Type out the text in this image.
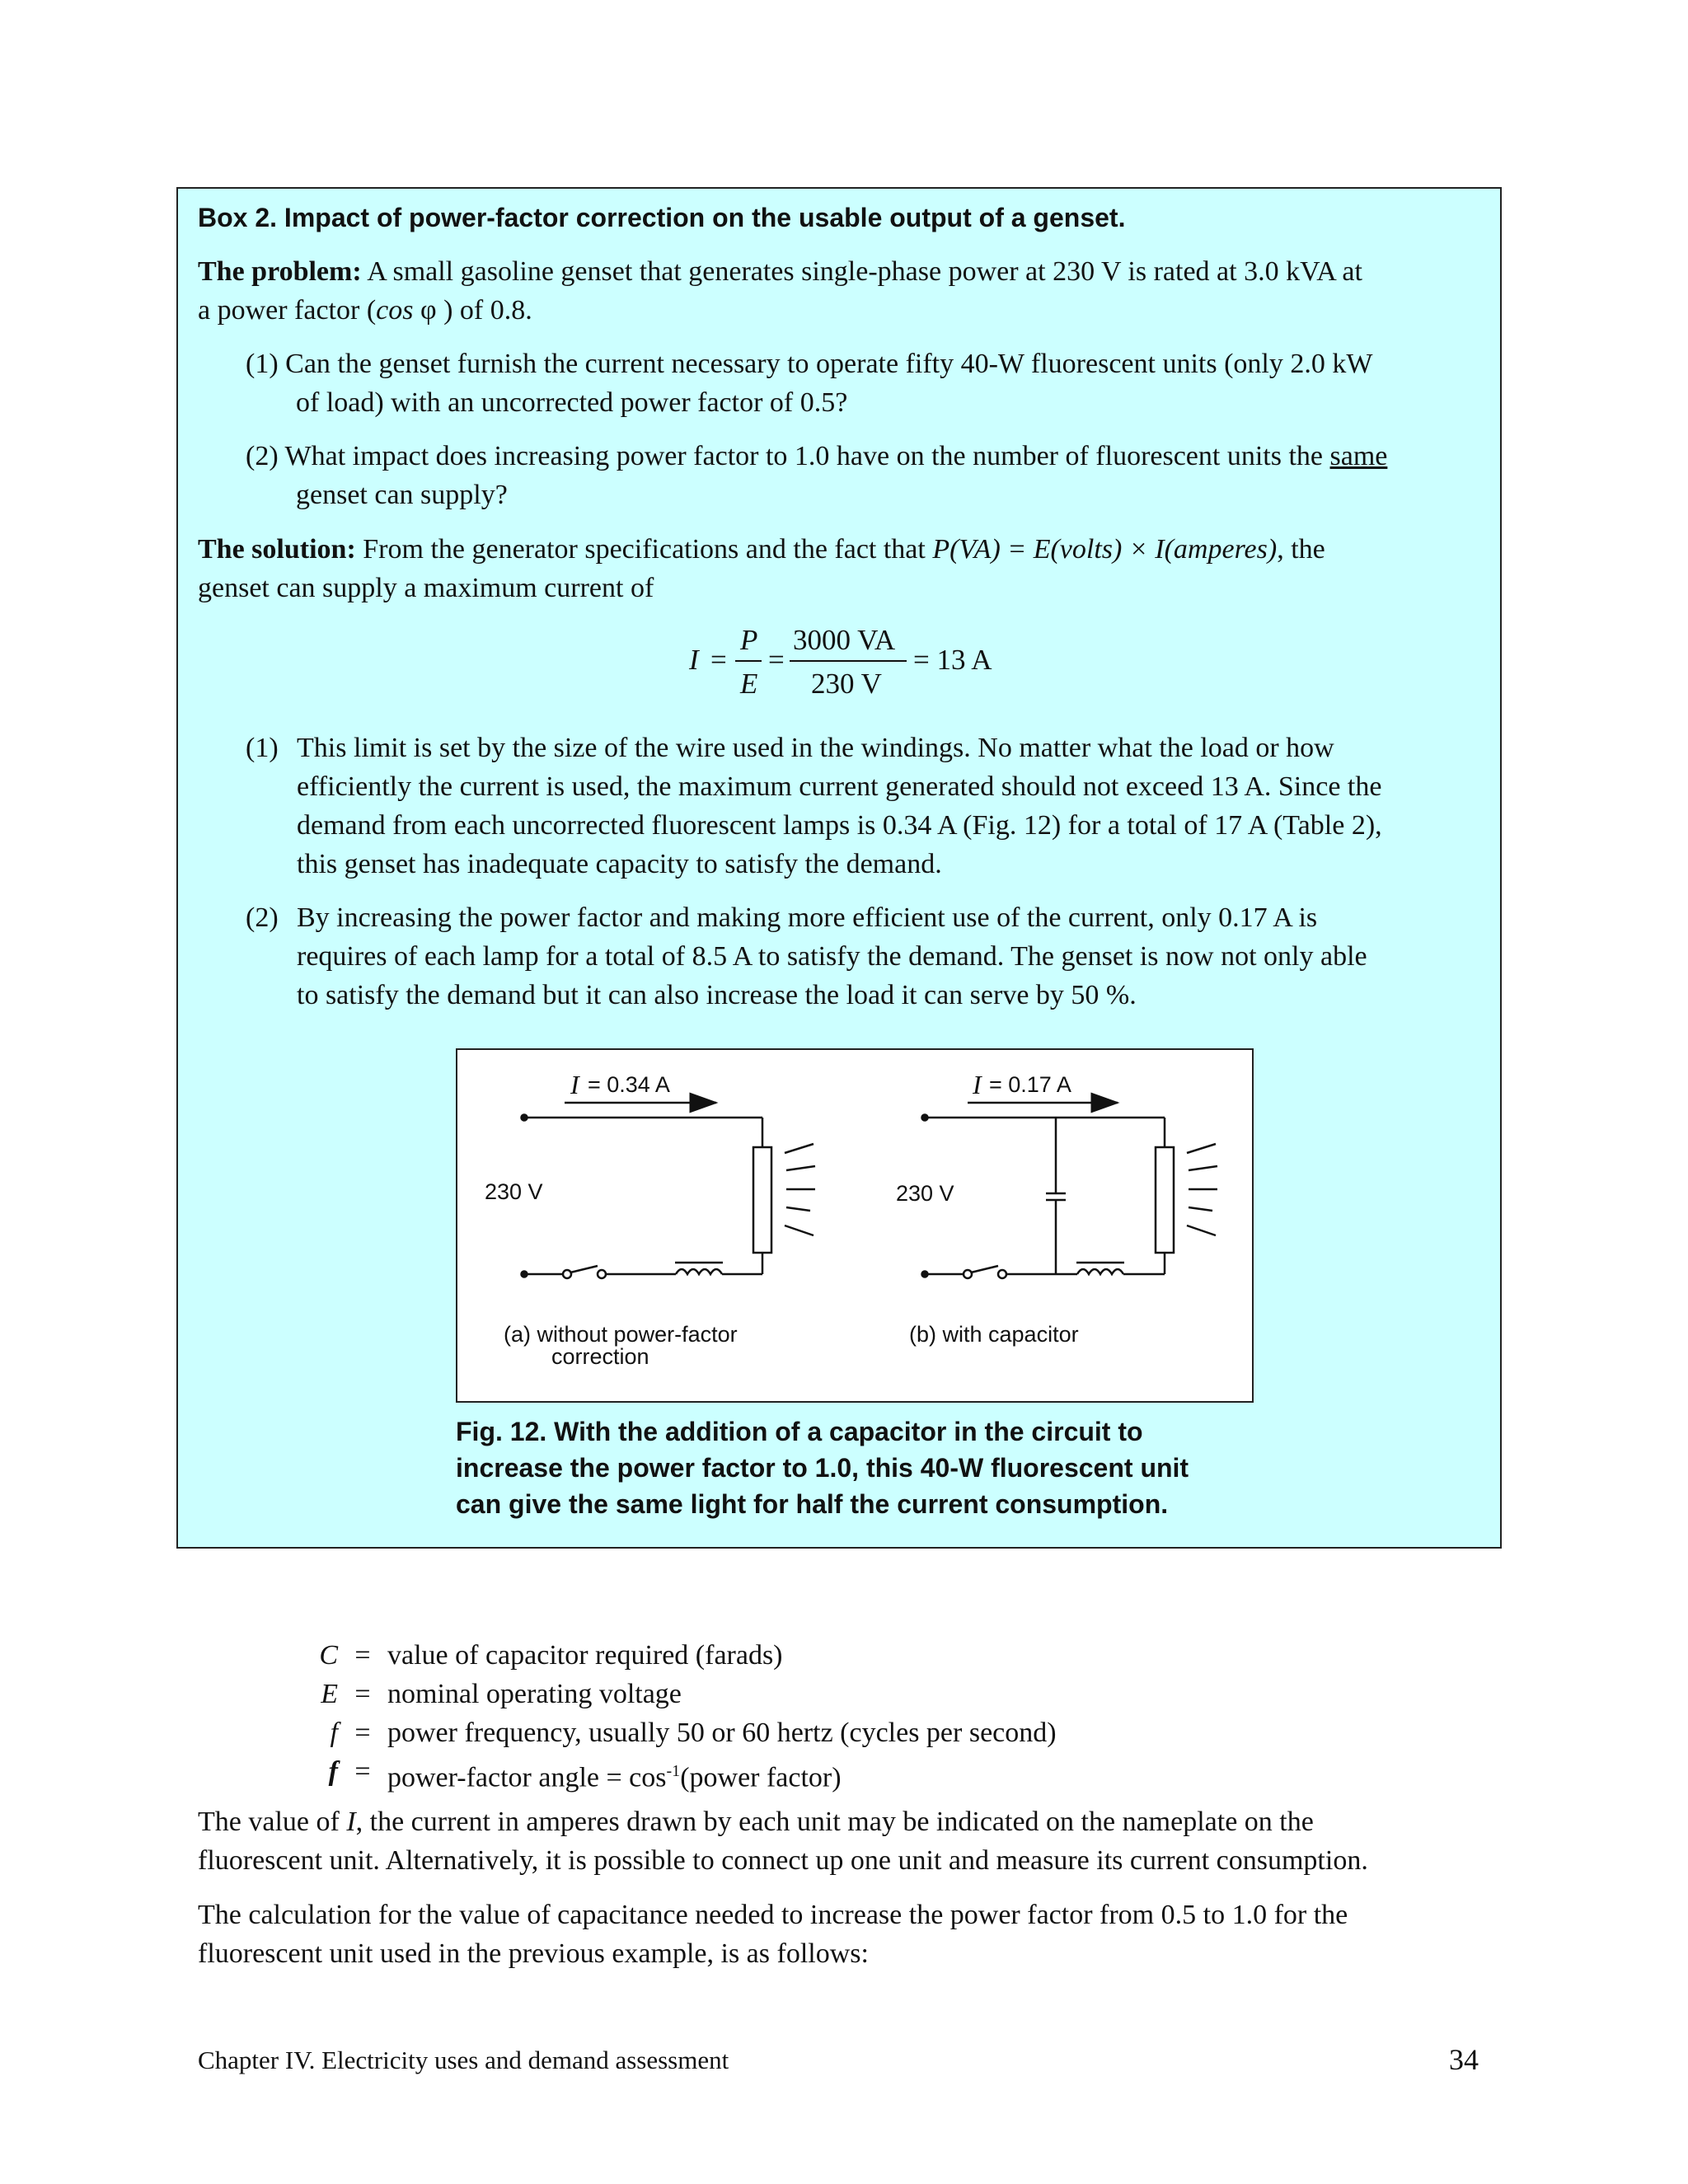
Box 2. Impact of power-factor correction on the usable output of a genset.

The problem: A small gasoline genset that generates single-phase power at 230 V is rated at 3.0 kVA at
a power factor (cos φ ) of 0.8.

(1) Can the genset furnish the current necessary to operate fifty 40-W fluorescent units (only 2.0 kW
of load) with an uncorrected power factor of 0.5?

(2) What impact does increasing power factor to 1.0 have on the number of fluorescent units the same
genset can supply?

The solution: From the generator specifications and the fact that P(VA) = E(volts) × I(amperes), the
genset can supply a maximum current of

I =
P
E
=
3000 VA
230 V
= 13 A
(1) This limit is set by the size of the wire used in the windings. No matter what the load or how
efficiently the current is used, the maximum current generated should not exceed 13 A. Since the
demand from each uncorrected fluorescent lamps is 0.34 A (Fig. 12) for a total of 17 A (Table 2),
this genset has inadequate capacity to satisfy the demand.
(2) By increasing the power factor and making more efficient use of the current, only 0.17 A is
requires of each lamp for a total of 8.5 A to satisfy the demand. The genset is now not only able
to satisfy the demand but it can also increase the load it can serve by 50 %.
I = 0.34 A	I = 0.17 A
230 V	230 V
(a) without power-factor
correction
(b) with capacitor
Fig. 12. With the addition of a capacitor in the circuit to
increase the power factor to 1.0, this 40-W fluorescent unit
can give the same light for half the current consumption.
C = value of capacitor required (farads)
E = nominal operating voltage
f = power frequency, usually 50 or 60 hertz (cycles per second)
f = power-factor angle = $\cos^{-1}(power$ factor)

The value of I, the current in amperes drawn by each unit may be indicated on the nameplate on the
fluorescent unit. Alternatively, it is possible to connect up one unit and measure its current consumption.

The calculation for the value of capacitance needed to increase the power factor from 0.5 to 1.0 for the
fluorescent unit used in the previous example, is as follows:

Chapter IV. Electricity uses and demand assessment	34
